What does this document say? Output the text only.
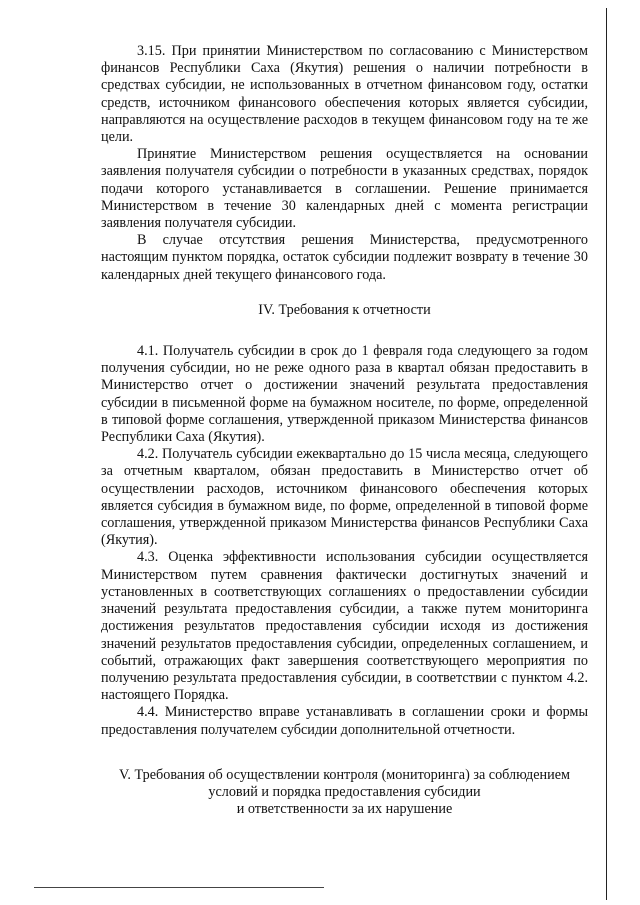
3.15. При принятии Министерством по согласованию с Министерством финансов Республики Саха (Якутия) решения о наличии потребности в средствах субсидии, не использованных в отчетном финансовом году, остатки средств, источником финансового обеспечения которых является субсидии, направляются на осуществление расходов в текущем финансовом году на те же цели.

Принятие Министерством решения осуществляется на основании заявления получателя субсидии о потребности в указанных средствах, порядок подачи которого устанавливается в соглашении. Решение принимается Министерством в течение 30 календарных дней с момента регистрации заявления получателя субсидии.

В случае отсутствия решения Министерства, предусмотренного настоящим пунктом порядка, остаток субсидии подлежит возврату в течение 30 календарных дней текущего финансового года.

IV. Требования к отчетности

4.1. Получатель субсидии в срок до 1 февраля года следующего за годом получения субсидии, но не реже одного раза в квартал обязан предоставить в Министерство отчет о достижении значений результата предоставления субсидии в письменной форме на бумажном носителе, по форме, определенной в типовой форме соглашения, утвержденной приказом Министерства финансов Республики Саха (Якутия).

4.2. Получатель субсидии ежеквартально до 15 числа месяца, следующего за отчетным кварталом, обязан предоставить в Министерство отчет об осуществлении расходов, источником финансового обеспечения которых является субсидия в бумажном виде, по форме, определенной в типовой форме соглашения, утвержденной приказом Министерства финансов Республики Саха (Якутия).

4.3. Оценка эффективности использования субсидии осуществляется Министерством путем сравнения фактически достигнутых значений и установленных в соответствующих соглашениях о предоставлении субсидии значений результата предоставления субсидии, а также путем мониторинга достижения результатов предоставления субсидии исходя из достижения значений результатов предоставления субсидии, определенных соглашением, и событий, отражающих факт завершения соответствующего мероприятия по получению результата предоставления субсидии, в соответствии с пунктом 4.2. настоящего Порядка.

4.4. Министерство вправе устанавливать в соглашении сроки и формы предоставления получателем субсидии дополнительной отчетности.

V. Требования об осуществлении контроля (мониторинга) за соблюдением
условий и порядка предоставления субсидии
и ответственности за их нарушение
